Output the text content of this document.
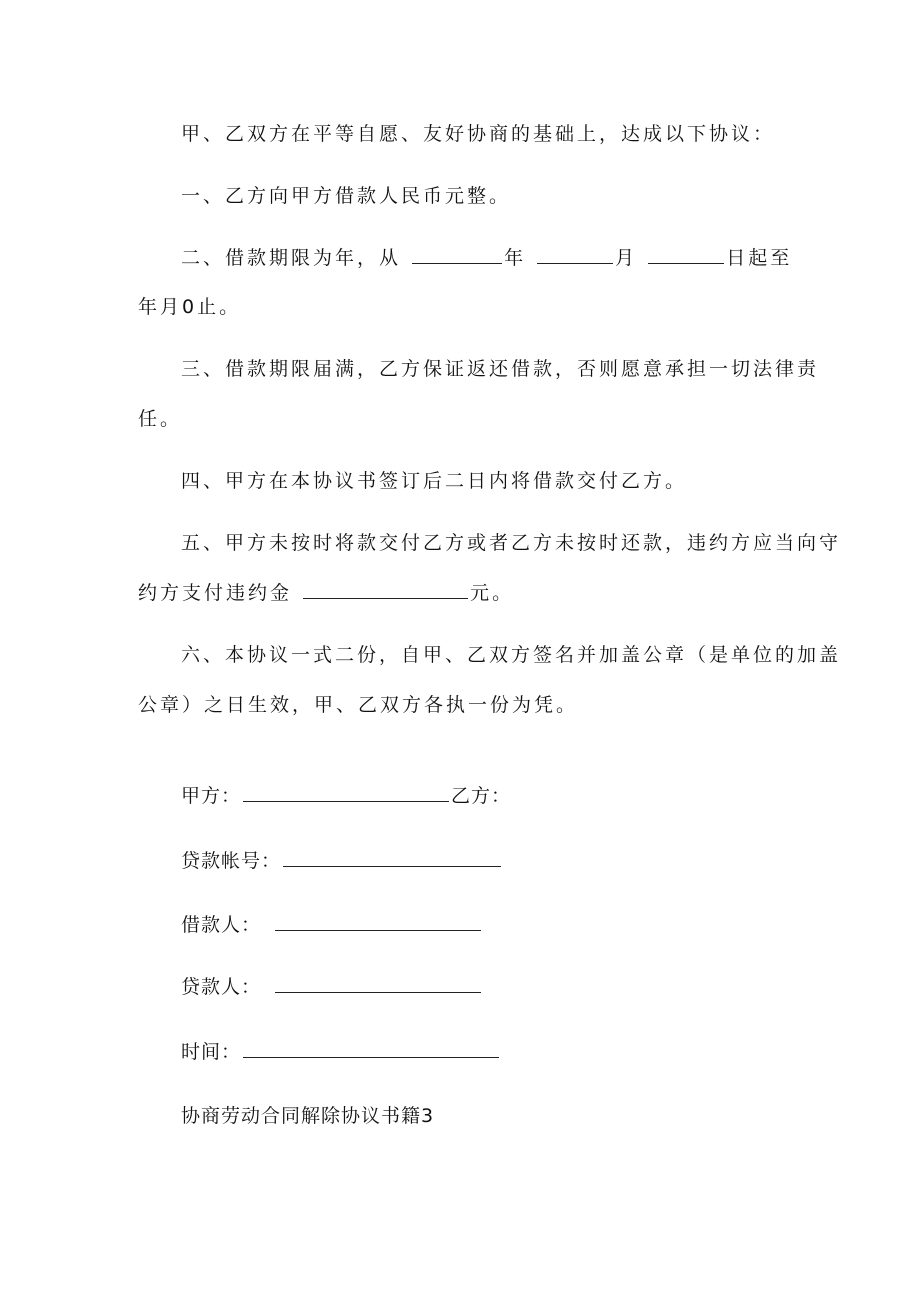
甲、乙双方在平等自愿、友好协商的基础上，达成以下协议：
一、乙方向甲方借款人民币元整。
二、借款期限为年，从	年	月	日起至
年月0止。
三、借款期限届满，乙方保证返还借款，否则愿意承担一切法律责
任。
四、甲方在本协议书签订后二日内将借款交付乙方。
五、甲方未按时将款交付乙方或者乙方未按时还款，违约方应当向守
约方支付违约金	元。
六、本协议一式二份，自甲、乙双方签名并加盖公章（是单位的加盖
公章）之日生效，甲、乙双方各执一份为凭。
甲方：	乙方：
贷款帐号：
借款人：
贷款人：
时间：
协商劳动合同解除协议书籍3
